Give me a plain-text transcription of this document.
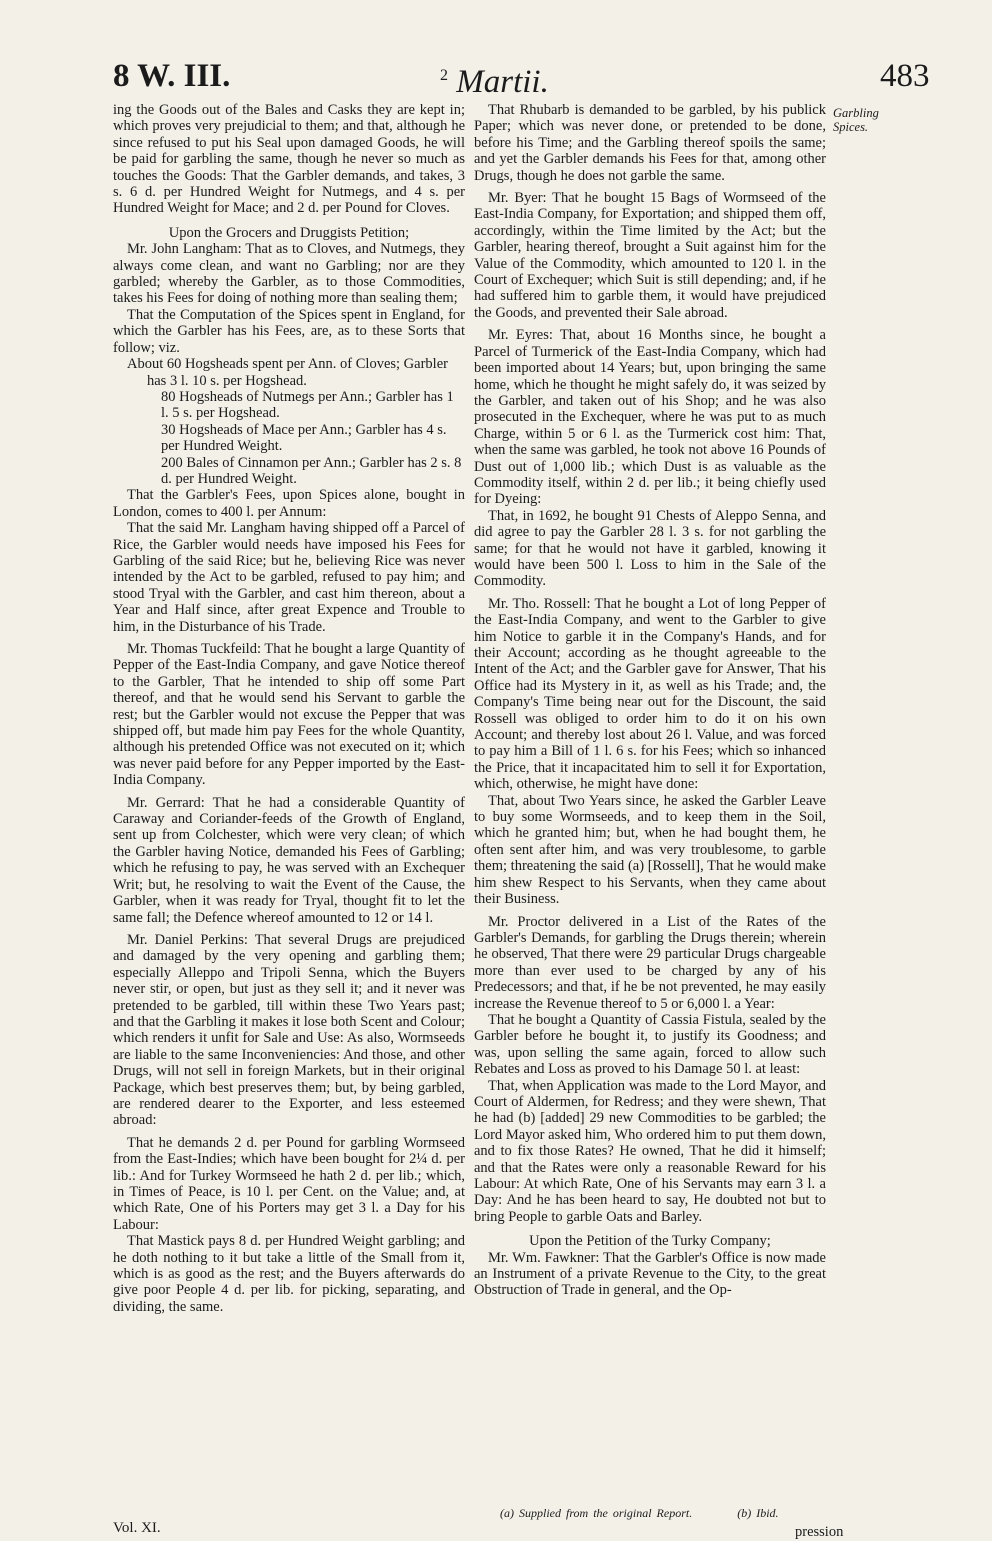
8 W. III.	$^2$ Martii.	483

ing the Goods out of the Bales and Casks they are kept in; which proves very prejudicial to them; and that, although he since refused to put his Seal upon damaged Goods, he will be paid for garbling the same, though he never so much as touches the Goods: That the Garbler demands, and takes, 3 s. 6 d. per Hundred Weight for Nutmegs, and 4 s. per Hundred Weight for Mace; and 2 d. per Pound for Cloves.

Upon the Grocers and Druggists Petition;

Mr. John Langham: That as to Cloves, and Nutmegs, they always come clean, and want no Garbling; nor are they garbled; whereby the Garbler, as to those Commodities, takes his Fees for doing of nothing more than sealing them;

That the Computation of the Spices spent in England, for which the Garbler has his Fees, are, as to these Sorts that follow; viz.

About 60 Hogsheads spent per Ann. of Cloves; Garbler has 3 l. 10 s. per Hogshead.

80 Hogsheads of Nutmegs per Ann.; Garbler has 1 l. 5 s. per Hogshead.

30 Hogsheads of Mace per Ann.; Garbler has 4 s. per Hundred Weight.

200 Bales of Cinnamon per Ann.; Garbler has 2 s. 8 d. per Hundred Weight.

That the Garbler's Fees, upon Spices alone, bought in London, comes to 400 l. per Annum:

That the said Mr. Langham having shipped off a Parcel of Rice, the Garbler would needs have imposed his Fees for Garbling of the said Rice; but he, believing Rice was never intended by the Act to be garbled, refused to pay him; and stood Tryal with the Garbler, and cast him thereon, about a Year and Half since, after great Expence and Trouble to him, in the Disturbance of his Trade.

Mr. Thomas Tuckfeild: That he bought a large Quantity of Pepper of the East-India Company, and gave Notice thereof to the Garbler, That he intended to ship off some Part thereof, and that he would send his Servant to garble the rest; but the Garbler would not excuse the Pepper that was shipped off, but made him pay Fees for the whole Quantity, although his pretended Office was not executed on it; which was never paid before for any Pepper imported by the East-India Company.

Mr. Gerrard: That he had a considerable Quantity of Caraway and Coriander-feeds of the Growth of England, sent up from Colchester, which were very clean; of which the Garbler having Notice, demanded his Fees of Garbling; which he refusing to pay, he was served with an Exchequer Writ; but, he resolving to wait the Event of the Cause, the Garbler, when it was ready for Tryal, thought fit to let the same fall; the Defence whereof amounted to 12 or 14 l.

Mr. Daniel Perkins: That several Drugs are prejudiced and damaged by the very opening and garbling them; especially Alleppo and Tripoli Senna, which the Buyers never stir, or open, but just as they sell it; and it never was pretended to be garbled, till within these Two Years past; and that the Garbling it makes it lose both Scent and Colour; which renders it unfit for Sale and Use: As also, Wormseeds are liable to the same Inconveniencies: And those, and other Drugs, will not sell in foreign Markets, but in their original Package, which best preserves them; but, by being garbled, are rendered dearer to the Exporter, and less esteemed abroad:

That he demands 2 d. per Pound for garbling Wormseed from the East-Indies; which have been bought for 2¼ d. per lib.: And for Turkey Wormseed he hath 2 d. per lib.; which, in Times of Peace, is 10 l. per Cent. on the Value; and, at which Rate, One of his Porters may get 3 l. a Day for his Labour:

That Mastick pays 8 d. per Hundred Weight garbling; and he doth nothing to it but take a little of the Small from it, which is as good as the rest; and the Buyers afterwards do give poor People 4 d. per lib. for picking, separating, and dividing, the same.

That Rhubarb is demanded to be garbled, by his publick Paper; which was never done, or pretended to be done, before his Time; and the Garbling thereof spoils the same; and yet the Garbler demands his Fees for that, among other Drugs, though he does not garble the same.

Mr. Byer: That he bought 15 Bags of Wormseed of the East-India Company, for Exportation; and shipped them off, accordingly, within the Time limited by the Act; but the Garbler, hearing thereof, brought a Suit against him for the Value of the Commodity, which amounted to 120 l. in the Court of Exchequer; which Suit is still depending; and, if he had suffered him to garble them, it would have prejudiced the Goods, and prevented their Sale abroad.

Mr. Eyres: That, about 16 Months since, he bought a Parcel of Turmerick of the East-India Company, which had been imported about 14 Years; but, upon bringing the same home, which he thought he might safely do, it was seized by the Garbler, and taken out of his Shop; and he was also prosecuted in the Exchequer, where he was put to as much Charge, within 5 or 6 l. as the Turmerick cost him: That, when the same was garbled, he took not above 16 Pounds of Dust out of 1,000 lib.; which Dust is as valuable as the Commodity itself, within 2 d. per lib.; it being chiefly used for Dyeing:

That, in 1692, he bought 91 Chests of Aleppo Senna, and did agree to pay the Garbler 28 l. 3 s. for not garbling the same; for that he would not have it garbled, knowing it would have been 500 l. Loss to him in the Sale of the Commodity.

Mr. Tho. Rossell: That he bought a Lot of long Pepper of the East-India Company, and went to the Garbler to give him Notice to garble it in the Company's Hands, and for their Account; according as he thought agreeable to the Intent of the Act; and the Garbler gave for Answer, That his Office had its Mystery in it, as well as his Trade; and, the Company's Time being near out for the Discount, the said Rossell was obliged to order him to do it on his own Account; and thereby lost about 26 l. Value, and was forced to pay him a Bill of 1 l. 6 s. for his Fees; which so inhanced the Price, that it incapacitated him to sell it for Exportation, which, otherwise, he might have done:

That, about Two Years since, he asked the Garbler Leave to buy some Wormseeds, and to keep them in the Soil, which he granted him; but, when he had bought them, he often sent after him, and was very troublesome, to garble them; threatening the said (a) [Rossell], That he would make him shew Respect to his Servants, when they came about their Business.

Mr. Proctor delivered in a List of the Rates of the Garbler's Demands, for garbling the Drugs therein; wherein he observed, That there were 29 particular Drugs chargeable more than ever used to be charged by any of his Predecessors; and that, if he be not prevented, he may easily increase the Revenue thereof to 5 or 6,000 l. a Year:

That he bought a Quantity of Cassia Fistula, sealed by the Garbler before he bought it, to justify its Goodness; and was, upon selling the same again, forced to allow such Rebates and Loss as proved to his Damage 50 l. at least:

That, when Application was made to the Lord Mayor, and Court of Aldermen, for Redress; and they were shewn, That he had (b) [added] 29 new Commodities to be garbled; the Lord Mayor asked him, Who ordered him to put them down, and to fix those Rates? He owned, That he did it himself; and that the Rates were only a reasonable Reward for his Labour: At which Rate, One of his Servants may earn 3 l. a Day: And he has been heard to say, He doubted not but to bring People to garble Oats and Barley.

Upon the Petition of the Turky Company;

Mr. Wm. Fawkner: That the Garbler's Office is now made an Instrument of a private Revenue to the City, to the great Obstruction of Trade in general, and the Op-

Garbling Spices.
(a) Supplied from the original Report.	(b) Ibid.
pression
Vol. XI.
